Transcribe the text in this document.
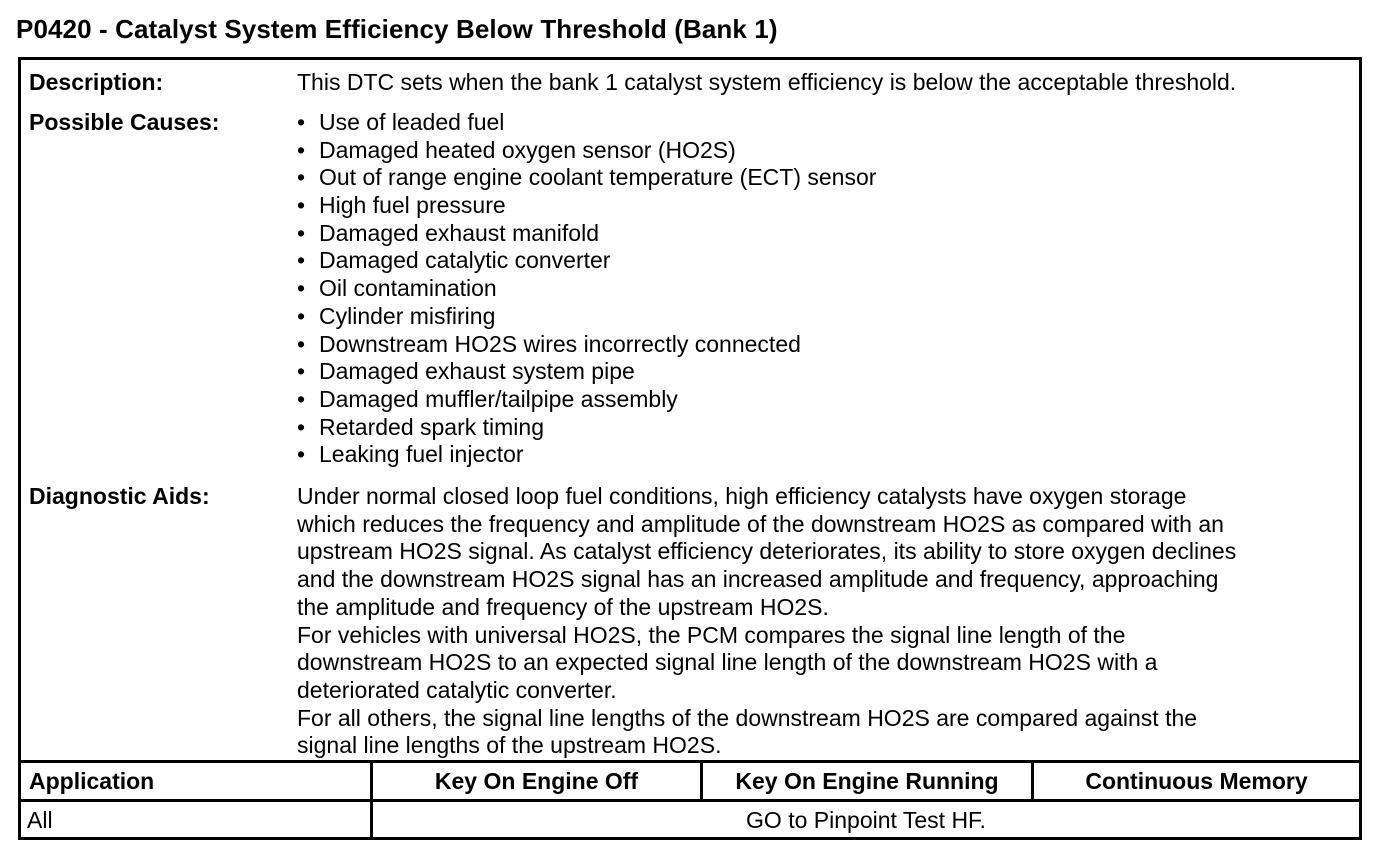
P0420 - Catalyst System Efficiency Below Threshold (Bank 1)
Description:	This DTC sets when the bank 1 catalyst system efficiency is below the acceptable threshold.
Possible Causes:
•	Use of leaded fuel
• Damaged heated oxygen sensor (HO2S)
• Out of range engine coolant temperature (ECT) sensor
• High fuel pressure
• Damaged exhaust manifold
• Damaged catalytic converter
• Oil contamination
• Cylinder misfiring
• Downstream HO2S wires incorrectly connected
• Damaged exhaust system pipe
• Damaged muffler/tailpipe assembly
• Retarded spark timing
• Leaking fuel injector
Diagnostic Aids:	Under normal closed loop fuel conditions, high efficiency catalysts have oxygen storage
which reduces the frequency and amplitude of the downstream HO2S as compared with an
upstream HO2S signal. As catalyst efficiency deteriorates, its ability to store oxygen declines
and the downstream HO2S signal has an increased amplitude and frequency, approaching
the amplitude and frequency of the upstream HO2S.
For vehicles with universal HO2S, the PCM compares the signal line length of the
downstream HO2S to an expected signal line length of the downstream HO2S with a
deteriorated catalytic converter.
For all others, the signal line lengths of the downstream HO2S are compared against the
signal line lengths of the upstream HO2S.
Application	Key On Engine Off	Key On Engine Running	Continuous Memory
All	GO to Pinpoint Test HF.
